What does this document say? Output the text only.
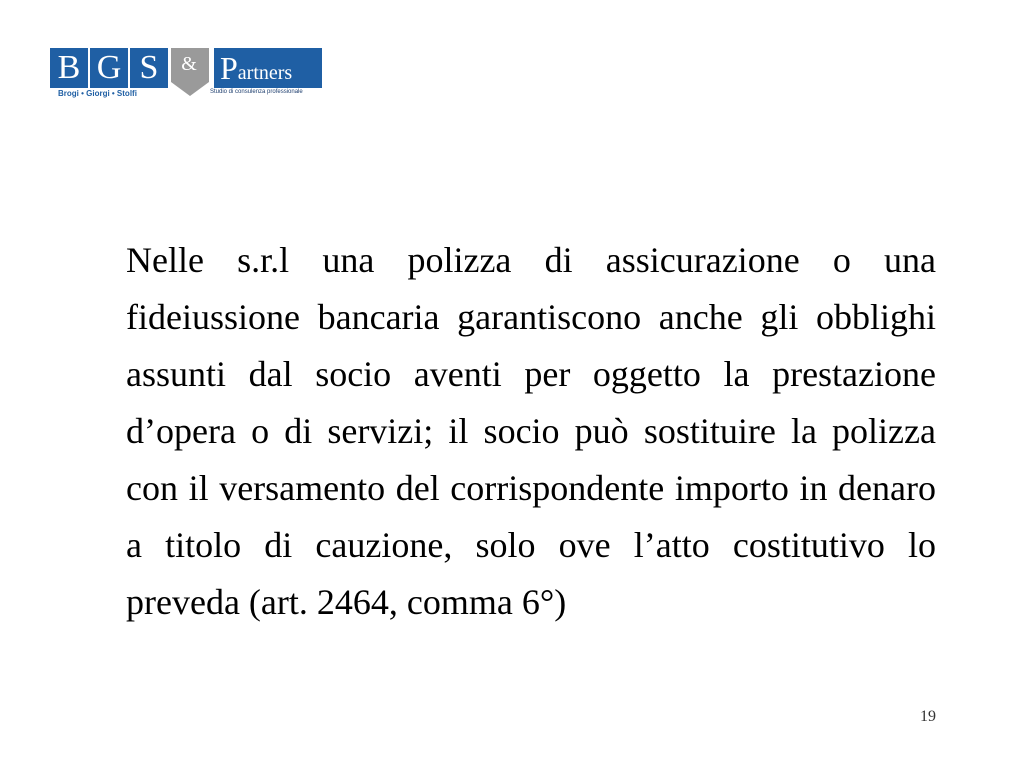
B G S	& Partners
Brogi • Giorgi • Stolfi	Studio di consulenza professionale

Nelle s.r.l una polizza di assicurazione o una fideiussione bancaria garantiscono anche gli obblighi assunti dal socio aventi per oggetto la prestazione d’opera o di servizi; il socio può sostituire la polizza con il versamento del corrispondente importo in denaro a titolo di cauzione, solo ove l’atto costitutivo lo preveda (art. 2464, comma 6°)

19
